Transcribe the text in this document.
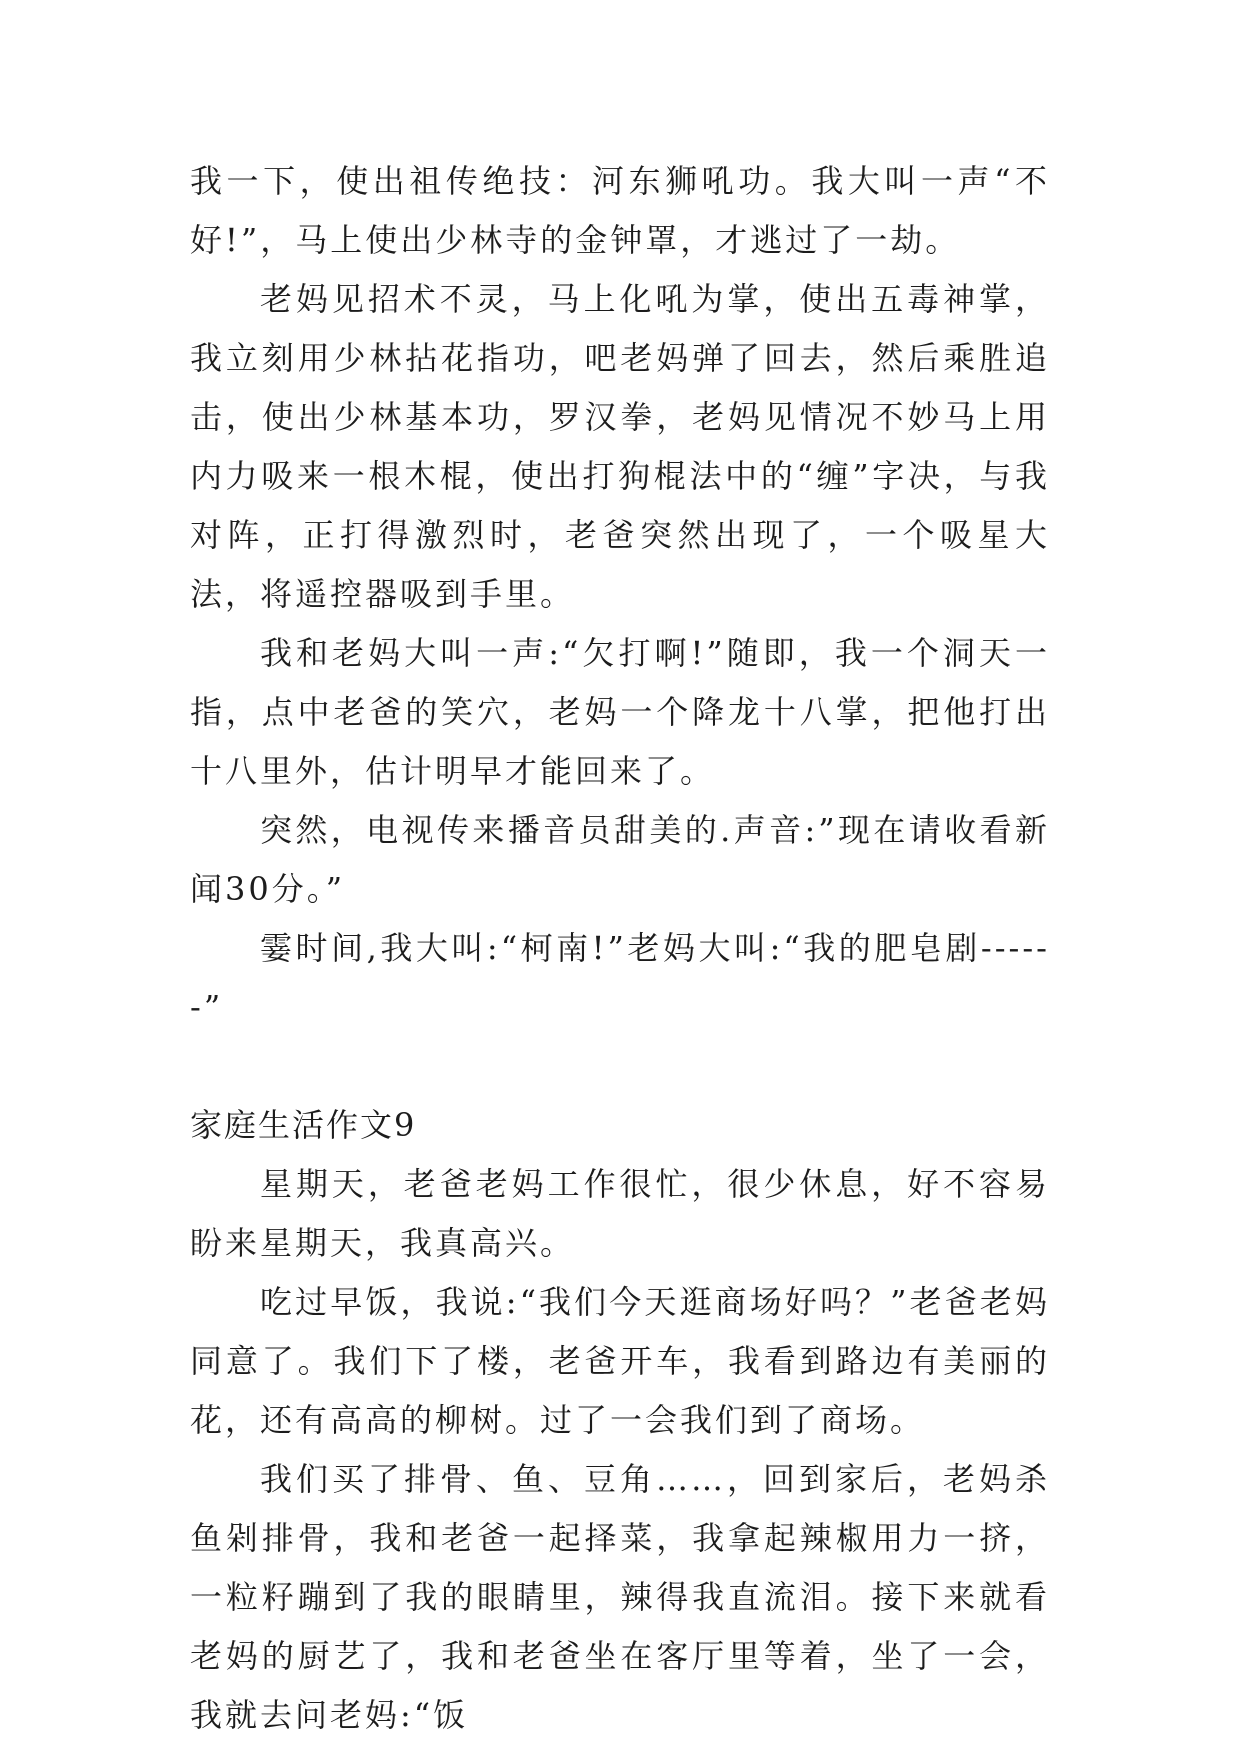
我一下，使出祖传绝技：河东狮吼功。我大叫一声“不好!”，马上使出少林寺的金钟罩，才逃过了一劫。

老妈见招术不灵，马上化吼为掌，使出五毒神掌，我立刻用少林拈花指功，吧老妈弹了回去，然后乘胜追击，使出少林基本功，罗汉拳，老妈见情况不妙马上用内力吸来一根木棍，使出打狗棍法中的“缠”字决，与我对阵，正打得激烈时，老爸突然出现了，一个吸星大法，将遥控器吸到手里。

我和老妈大叫一声:“欠打啊!”随即，我一个洞天一指，点中老爸的笑穴，老妈一个降龙十八掌，把他打出十八里外，估计明早才能回来了。

突然，电视传来播音员甜美的.声音:”现在请收看新闻30分。”

霎时间,我大叫:“柯南!”老妈大叫:“我的肥皂剧------”

家庭生活作文9

星期天，老爸老妈工作很忙，很少休息，好不容易盼来星期天，我真高兴。

吃过早饭，我说:“我们今天逛商场好吗？”老爸老妈同意了。我们下了楼，老爸开车，我看到路边有美丽的花，还有高高的柳树。过了一会我们到了商场。

我们买了排骨、鱼、豆角……，回到家后，老妈杀鱼剁排骨，我和老爸一起择菜，我拿起辣椒用力一挤，一粒籽蹦到了我的眼睛里，辣得我直流泪。接下来就看老妈的厨艺了，我和老爸坐在客厅里等着，坐了一会，我就去问老妈:“饭
